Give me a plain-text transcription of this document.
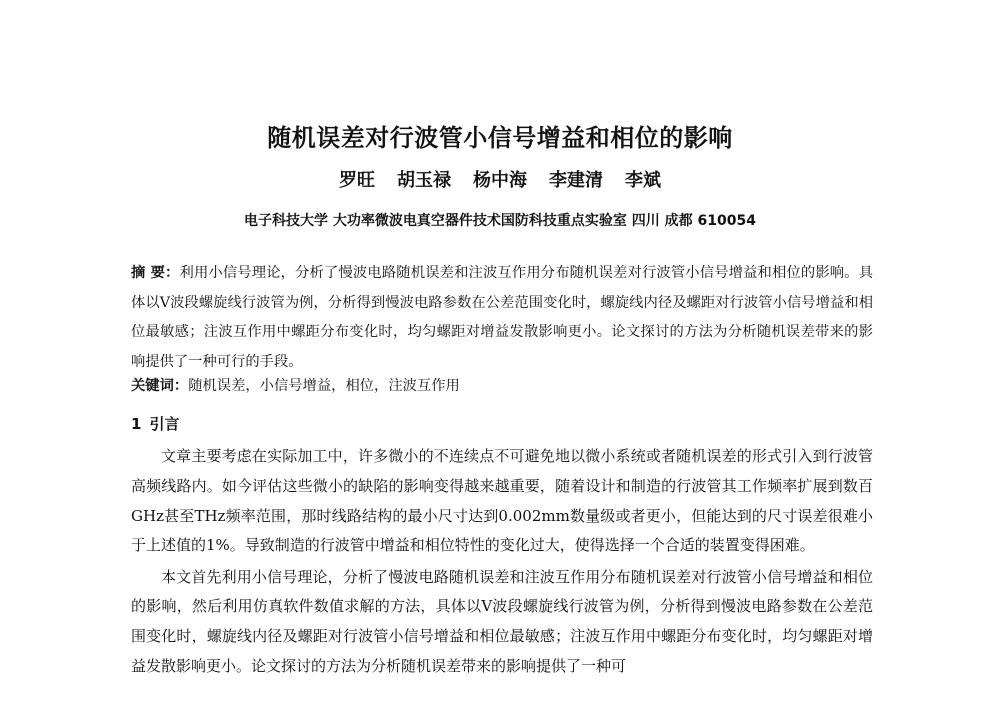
随机误差对行波管小信号增益和相位的影响
罗旺 胡玉禄 杨中海 李建清 李斌
电子科技大学 大功率微波电真空器件技术国防科技重点实验室 四川 成都 610054
摘 要：利用小信号理论，分析了慢波电路随机误差和注波互作用分布随机误差对行波管小信号增益和相位的影响。具体以V波段螺旋线行波管为例，分析得到慢波电路参数在公差范围变化时，螺旋线内径及螺距对行波管小信号增益和相位最敏感；注波互作用中螺距分布变化时，均匀螺距对增益发散影响更小。论文探讨的方法为分析随机误差带来的影响提供了一种可行的手段。
关键词：随机误差，小信号增益，相位，注波互作用
1 引言

文章主要考虑在实际加工中，许多微小的不连续点不可避免地以微小系统或者随机误差的形式引入到行波管高频线路内。如今评估这些微小的缺陷的影响变得越来越重要，随着设计和制造的行波管其工作频率扩展到数百GHz甚至THz频率范围，那时线路结构的最小尺寸达到0.002mm数量级或者更小，但能达到的尺寸误差很难小于上述值的1%。导致制造的行波管中增益和相位特性的变化过大，使得选择一个合适的装置变得困难。

本文首先利用小信号理论，分析了慢波电路随机误差和注波互作用分布随机误差对行波管小信号增益和相位的影响，然后利用仿真软件数值求解的方法，具体以V波段螺旋线行波管为例，分析得到慢波电路参数在公差范围变化时，螺旋线内径及螺距对行波管小信号增益和相位最敏感；注波互作用中螺距分布变化时，均匀螺距对增益发散影响更小。论文探讨的方法为分析随机误差带来的影响提供了一种可
